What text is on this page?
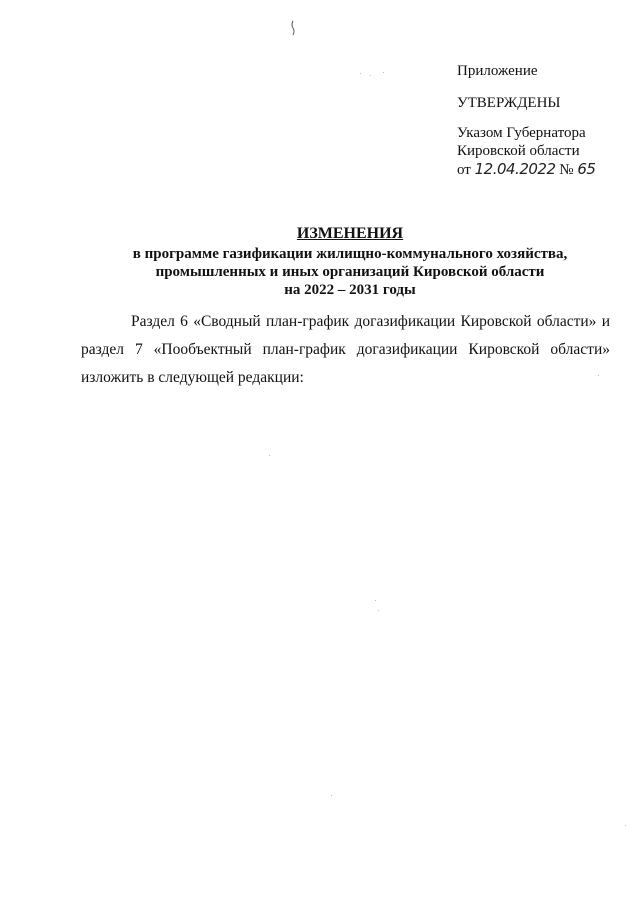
Приложение
УТВЕРЖДЕНЫ
Указом Губернатора
Кировской области
от 12.04.2022 № 65
ИЗМЕНЕНИЯ
в программе газификации жилищно-коммунального хозяйства,
промышленных и иных организаций Кировской области
на 2022 – 2031 годы
Раздел 6 «Сводный план-график догазификации Кировской области» и раздел 7 «Пообъектный план-график догазификации Кировской области» изложить в следующей редакции:
